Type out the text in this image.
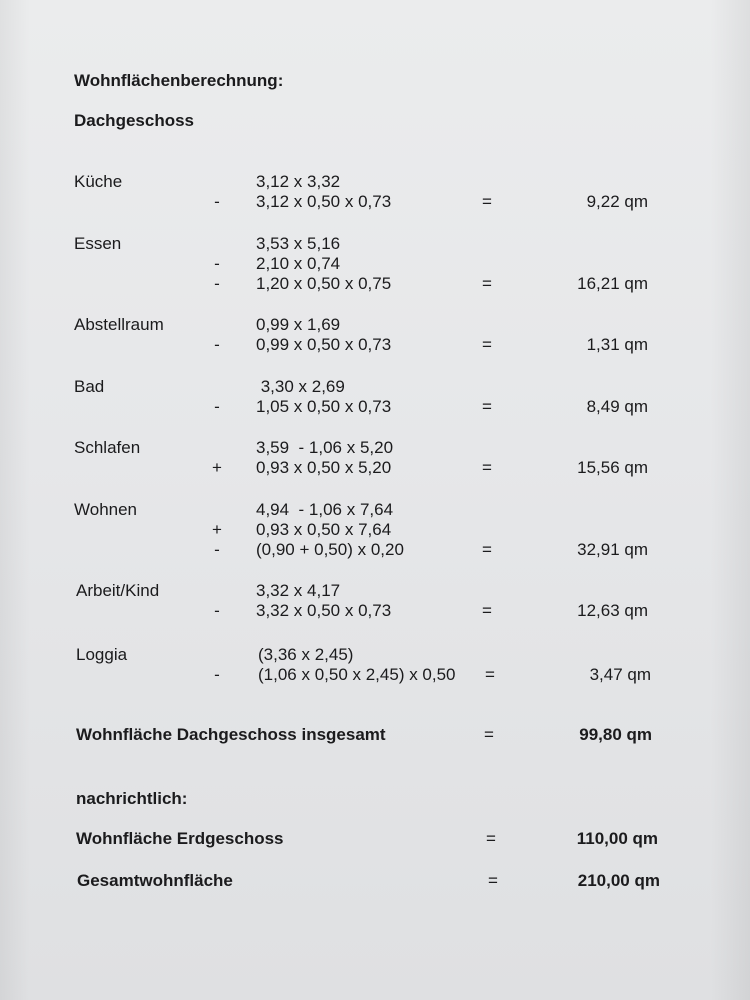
Wohnflächenberechnung:
Dachgeschoss
Küche	3,12 x 3,32
- 3,12 x 0,50 x 0,73	=	9,22 qm
Essen	3,53 x 5,16
- 2,10 x 0,74
- 1,20 x 0,50 x 0,75	=	16,21 qm
Abstellraum	0,99 x 1,69
- 0,99 x 0,50 x 0,73	=	1,31 qm
Bad	3,30 x 2,69
- 1,05 x 0,50 x 0,73	=	8,49 qm
Schlafen	3,59  - 1,06 x 5,20
+ 0,93 x 0,50 x 5,20	=	15,56 qm
Wohnen	4,94  - 1,06 x 7,64
+ 0,93 x 0,50 x 7,64
- (0,90 + 0,50) x 0,20	=	32,91 qm
Arbeit/Kind	3,32 x 4,17
- 3,32 x 0,50 x 0,73	=	12,63 qm
Loggia	(3,36 x 2,45)
- (1,06 x 0,50 x 2,45) x 0,50 =	3,47 qm
Wohnfläche Dachgeschoss insgesamt	=	99,80 qm
nachrichtlich:
Wohnfläche Erdgeschoss	=	110,00 qm
Gesamtwohnfläche	=	210,00 qm
